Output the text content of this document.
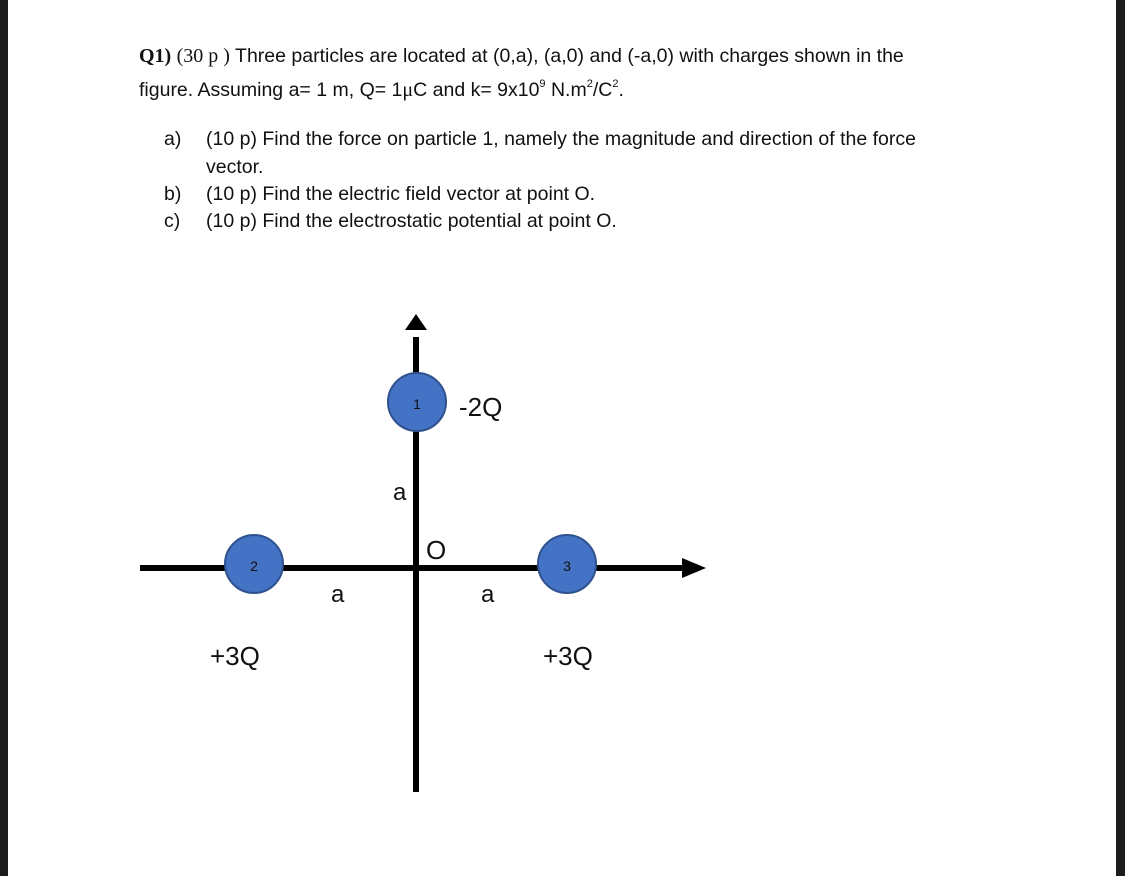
Q1) (30 p ) Three particles are located at (0,a), (a,0) and (-a,0) with charges shown in the
figure. Assuming a= 1 m, Q= 1μC and $k= 9x10^9$ $N.m^2/C^2$.
a) (10 p) Find the force on particle 1, namely the magnitude and direction of the force
vector.
b) (10 p) Find the electric field vector at point O.
c) (10 p) Find the electrostatic potential at point O.
1 -2Q
2
+3Q
3
+3Q
O
a
a	a
